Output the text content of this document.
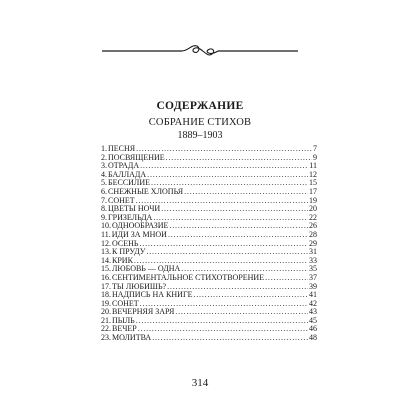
СОДЕРЖАНИЕ
СОБРАНИЕ СТИХОВ
1889–1903
1. ПЕСНЯ .....	7
2. ПОСВЯЩЕНИЕ .....	9
3. ОТРАДА .....	11
4. БАЛЛАДА .....	12
5. БЕССИЛИЕ .....	15
6. СНЕЖНЫЕ ХЛОПЬЯ .....	17
7. СОНЕТ .....	19
8. ЦВЕТЫ НОЧИ .....	20
9. ГРИЗЕЛЬДА .....	22
10. ОДНООБРАЗИЕ .....	26
11. ИДИ ЗА МНОЙ .....	28
12. ОСЕНЬ .....	29
13. К ПРУДУ .....	31
14. КРИК .....	33
15. ЛЮБОВЬ — ОДНА .....	35
16. СЕНТИМЕНТАЛЬНОЕ СТИХОТВОРЕНИЕ .....	37
17. ТЫ ЛЮБИШЬ? .....	39
18. НАДПИСЬ НА КНИГЕ .....	41
19. СОНЕТ .....	42
20. ВЕЧЕРНЯЯ ЗАРЯ .....	43
21. ПЫЛЬ .....	45
22. ВЕЧЕР .....	46
23. МОЛИТВА .....	48
314
